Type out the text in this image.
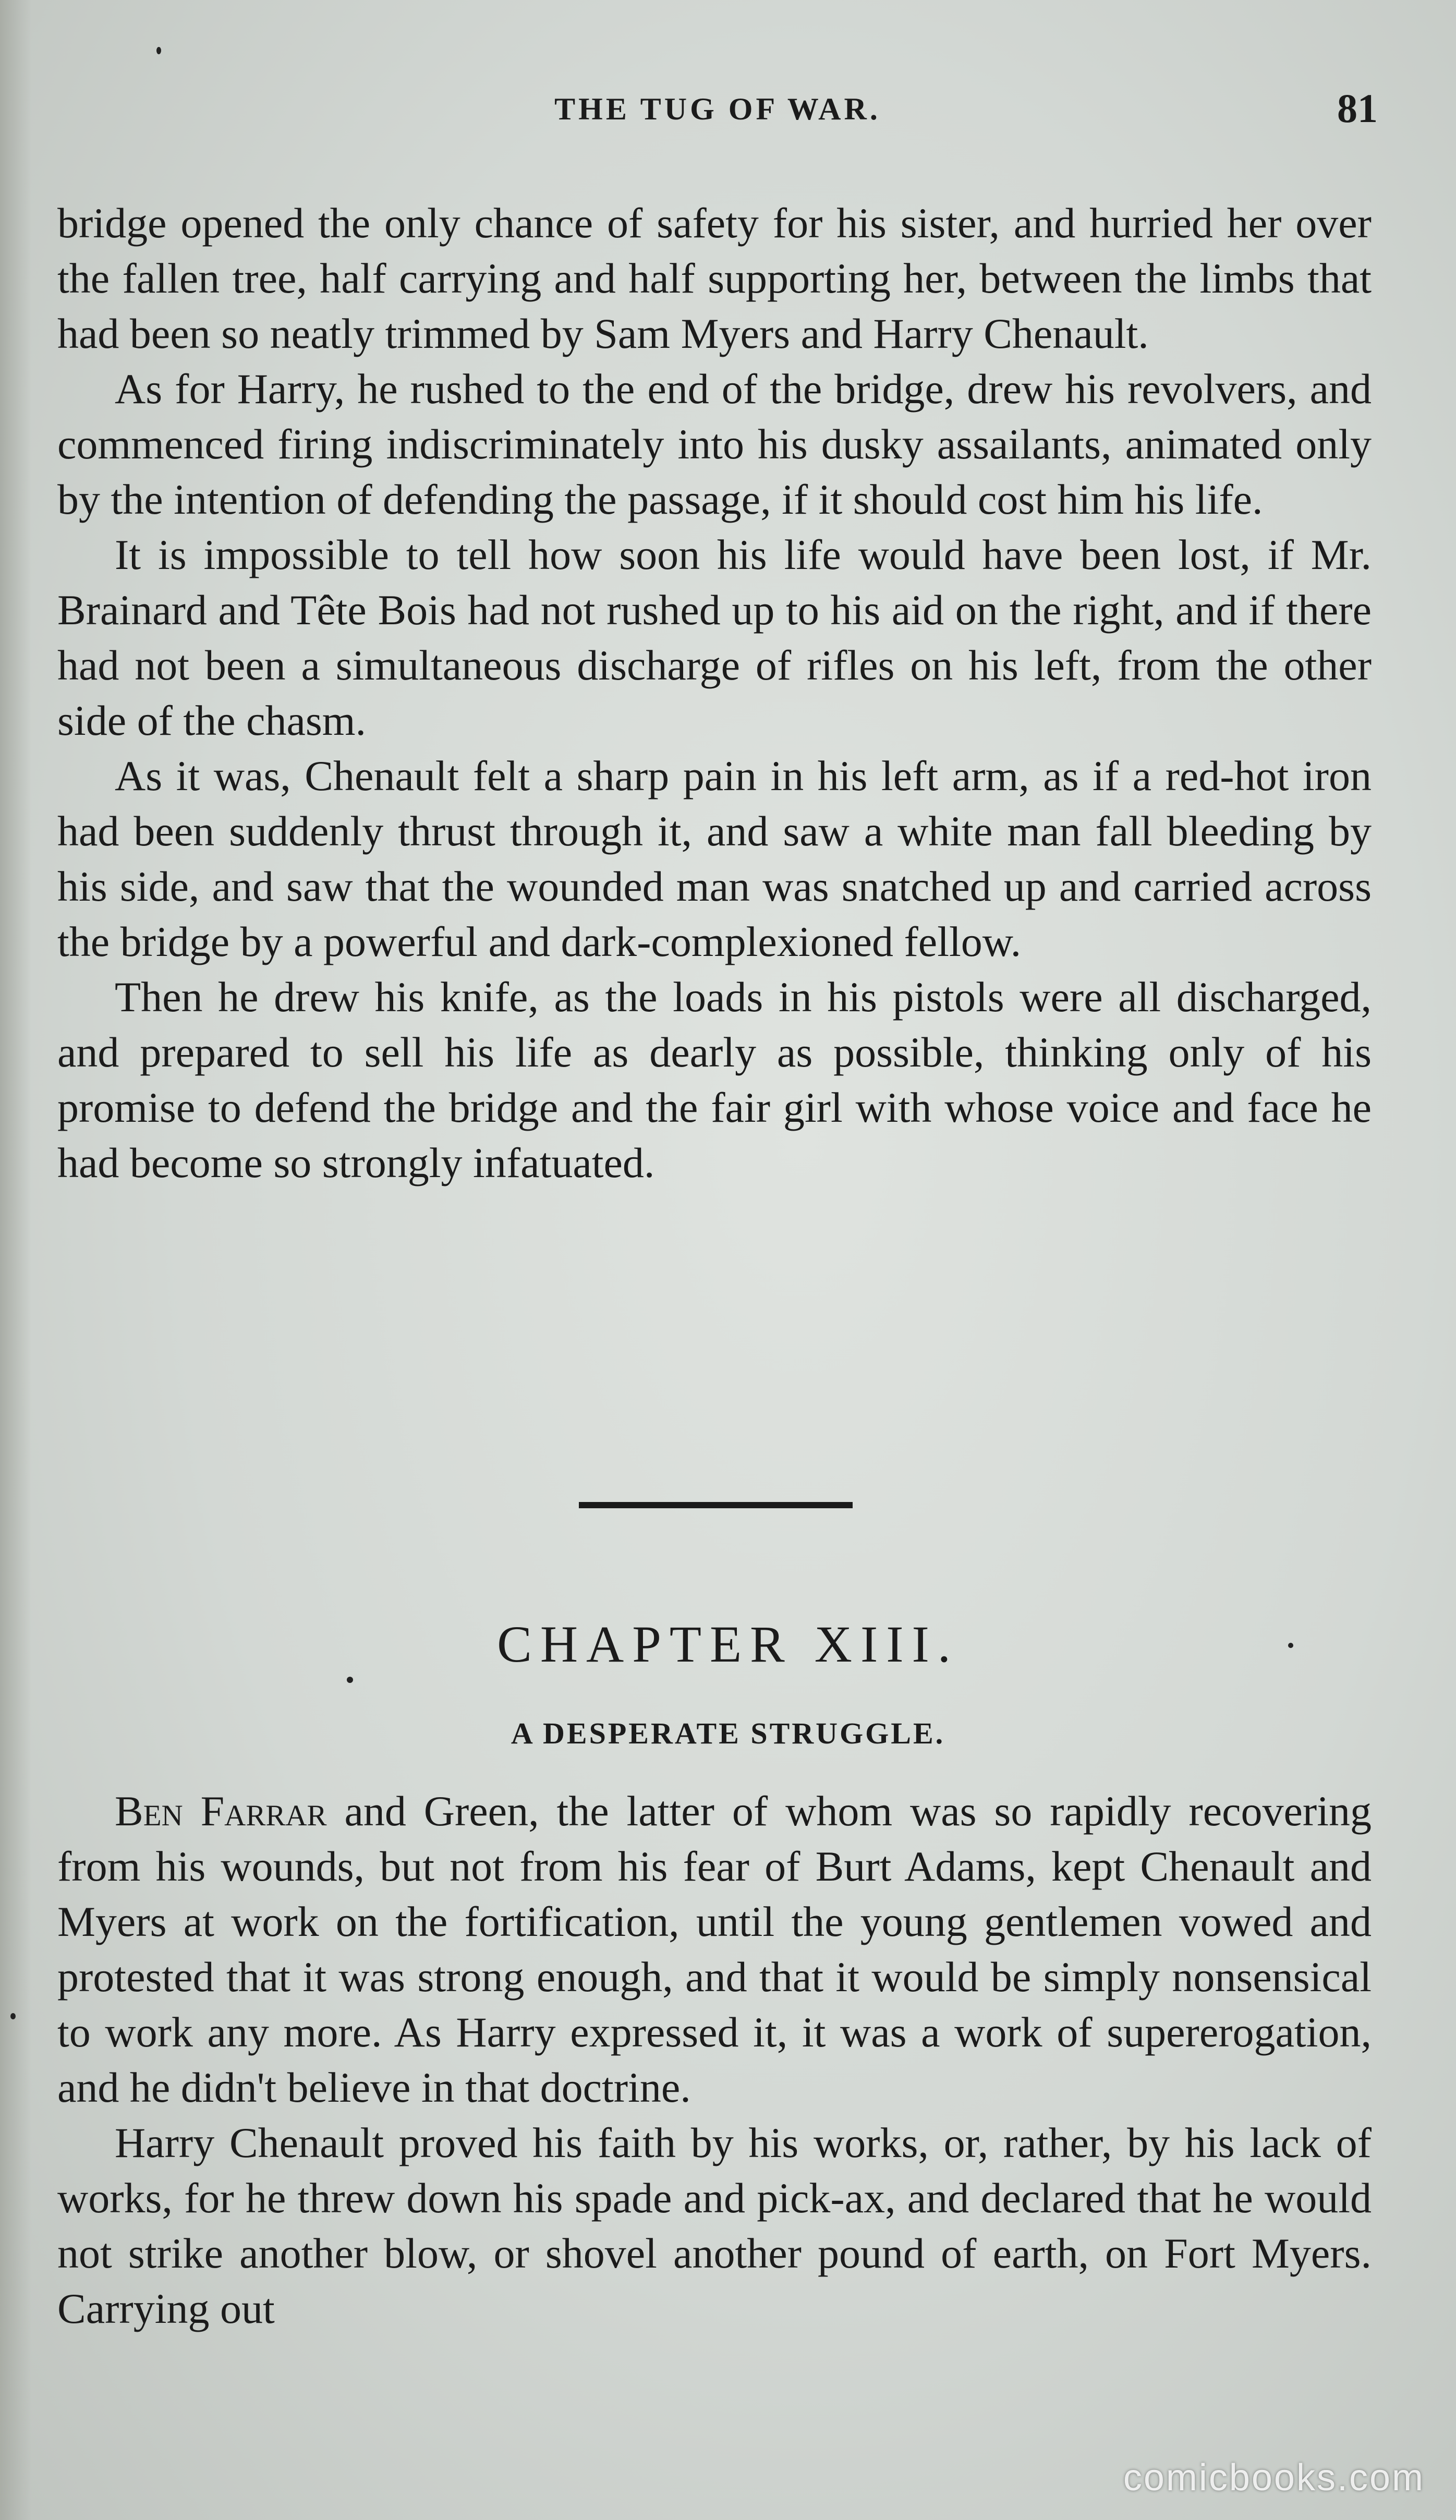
THE TUG OF WAR.	81

bridge opened the only chance of safety for his sister, and hurried her over the fallen tree, half carrying and half supporting her, between the limbs that had been so neatly trimmed by Sam Myers and Harry Chenault.

As for Harry, he rushed to the end of the bridge, drew his revolvers, and commenced firing indiscriminately into his dusky assailants, animated only by the intention of defending the passage, if it should cost him his life.

It is impossible to tell how soon his life would have been lost, if Mr. Brainard and Tête Bois had not rushed up to his aid on the right, and if there had not been a simultaneous discharge of rifles on his left, from the other side of the chasm.

As it was, Chenault felt a sharp pain in his left arm, as if a red-hot iron had been suddenly thrust through it, and saw a white man fall bleeding by his side, and saw that the wounded man was snatched up and carried across the bridge by a powerful and dark-complexioned fellow.

Then he drew his knife, as the loads in his pistols were all discharged, and prepared to sell his life as dearly as possible, thinking only of his promise to defend the bridge and the fair girl with whose voice and face he had become so strongly infatuated.

CHAPTER XIII.
A DESPERATE STRUGGLE.

Ben Farrar and Green, the latter of whom was so rapidly recovering from his wounds, but not from his fear of Burt Adams, kept Chenault and Myers at work on the fortification, until the young gentlemen vowed and protested that it was strong enough, and that it would be simply nonsensical to work any more. As Harry expressed it, it was a work of supererogation, and he didn't believe in that doctrine.

Harry Chenault proved his faith by his works, or, rather, by his lack of works, for he threw down his spade and pick-ax, and declared that he would not strike another blow, or shovel another pound of earth, on Fort Myers. Carrying out

comicbooks.com
